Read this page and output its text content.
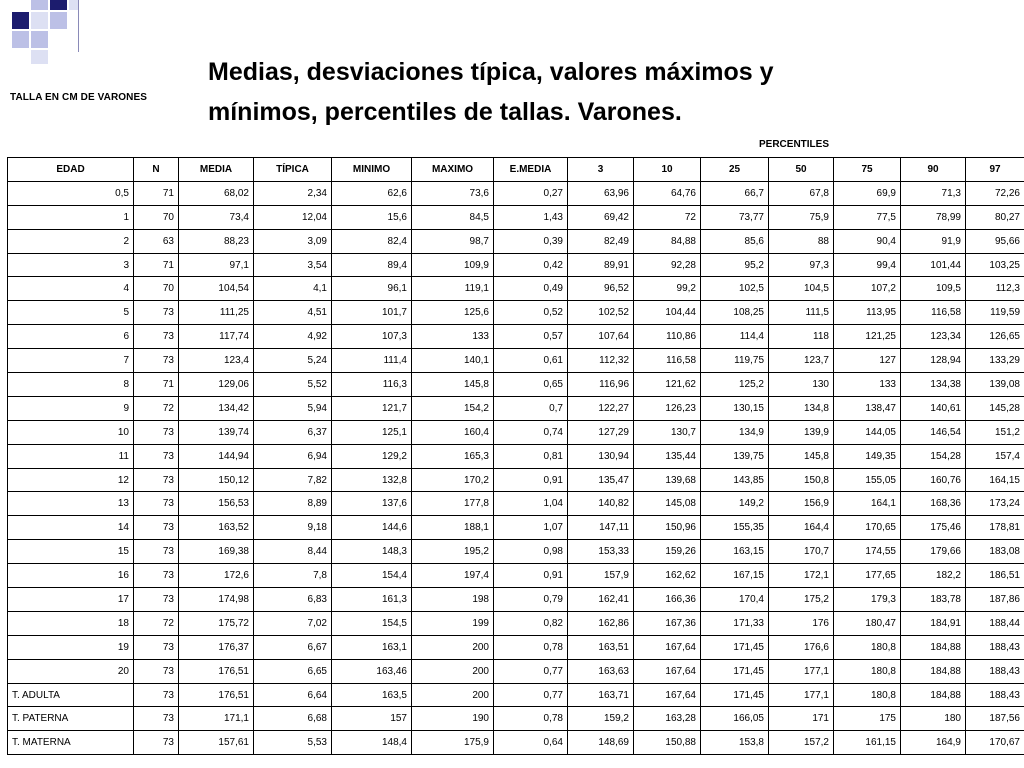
TALLA EN CM DE VARONES
Medias, desviaciones típica, valores máximos y
mínimos, percentiles de tallas. Varones.
PERCENTILES
EDAD	N	MEDIA	TÍPICA	MINIMO	MAXIMO	E.MEDIA	3	10	25	50	75	90	97
0,5	71	68,02	2,34	62,6	73,6	0,27	63,96	64,76	66,7	67,8	69,9	71,3	72,26
1	70	73,4	12,04	15,6	84,5	1,43	69,42	72	73,77	75,9	77,5	78,99	80,27
2	63	88,23	3,09	82,4	98,7	0,39	82,49	84,88	85,6	88	90,4	91,9	95,66
3	71	97,1	3,54	89,4	109,9	0,42	89,91	92,28	95,2	97,3	99,4	101,44	103,25
4	70	104,54	4,1	96,1	119,1	0,49	96,52	99,2	102,5	104,5	107,2	109,5	112,3
5	73	111,25	4,51	101,7	125,6	0,52	102,52	104,44	108,25	111,5	113,95	116,58	119,59
6	73	117,74	4,92	107,3	133	0,57	107,64	110,86	114,4	118	121,25	123,34	126,65
7	73	123,4	5,24	111,4	140,1	0,61	112,32	116,58	119,75	123,7	127	128,94	133,29
8	71	129,06	5,52	116,3	145,8	0,65	116,96	121,62	125,2	130	133	134,38	139,08
9	72	134,42	5,94	121,7	154,2	0,7	122,27	126,23	130,15	134,8	138,47	140,61	145,28
10	73	139,74	6,37	125,1	160,4	0,74	127,29	130,7	134,9	139,9	144,05	146,54	151,2
11	73	144,94	6,94	129,2	165,3	0,81	130,94	135,44	139,75	145,8	149,35	154,28	157,4
12	73	150,12	7,82	132,8	170,2	0,91	135,47	139,68	143,85	150,8	155,05	160,76	164,15
13	73	156,53	8,89	137,6	177,8	1,04	140,82	145,08	149,2	156,9	164,1	168,36	173,24
14	73	163,52	9,18	144,6	188,1	1,07	147,11	150,96	155,35	164,4	170,65	175,46	178,81
15	73	169,38	8,44	148,3	195,2	0,98	153,33	159,26	163,15	170,7	174,55	179,66	183,08
16	73	172,6	7,8	154,4	197,4	0,91	157,9	162,62	167,15	172,1	177,65	182,2	186,51
17	73	174,98	6,83	161,3	198	0,79	162,41	166,36	170,4	175,2	179,3	183,78	187,86
18	72	175,72	7,02	154,5	199	0,82	162,86	167,36	171,33	176	180,47	184,91	188,44
19	73	176,37	6,67	163,1	200	0,78	163,51	167,64	171,45	176,6	180,8	184,88	188,43
20	73	176,51	6,65	163,46	200	0,77	163,63	167,64	171,45	177,1	180,8	184,88	188,43
T. ADULTA	73	176,51	6,64	163,5	200	0,77	163,71	167,64	171,45	177,1	180,8	184,88	188,43
T. PATERNA	73	171,1	6,68	157	190	0,78	159,2	163,28	166,05	171	175	180	187,56
T. MATERNA	73	157,61	5,53	148,4	175,9	0,64	148,69	150,88	153,8	157,2	161,15	164,9	170,67
